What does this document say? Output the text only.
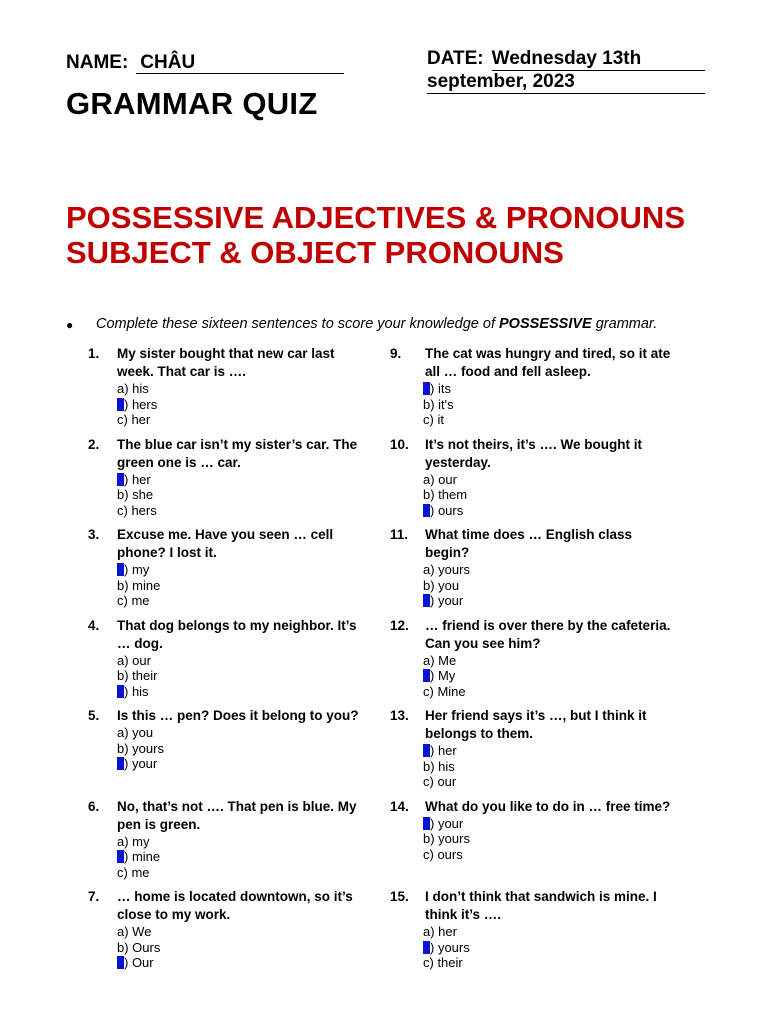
NAME: CHÂU	DATE: Wednesday 13th
september, 2023
GRAMMAR QUIZ
POSSESSIVE ADJECTIVES & PRONOUNS SUBJECT & OBJECT PRONOUNS
●	Complete these sixteen sentences to score your knowledge of POSSESSIVE grammar.
1.	My sister bought that new car last week. That car is ….
a) his
) hers
c) her
2.	The blue car isn’t my sister’s car. The green one is … car.
) her
b) she
c) hers
3.	Excuse me. Have you seen … cell phone? I lost it.
) my
b) mine
c) me
4.	That dog belongs to my neighbor. It’s … dog.
a) our
b) their
) his
5.	Is this … pen? Does it belong to you?
a) you
b) yours
) your
6.	No, that’s not …. That pen is blue. My pen is green.
a) my
) mine
c) me
7.	… home is located downtown, so it’s close to my work.
a) We
b) Ours
) Our
9.	The cat was hungry and tired, so it ate all … food and fell asleep.
) its
b) it's
c) it
10.	It’s not theirs, it’s …. We bought it yesterday.
a) our
b) them
) ours
11.	What time does … English class begin?
a) yours
b) you
) your
12.	… friend is over there by the cafeteria. Can you see him?
a) Me
) My
c) Mine
13.	Her friend says it’s …, but I think it belongs to them.
) her
b) his
c) our
14.	What do you like to do in … free time?
) your
b) yours
c) ours
15.	I don’t think that sandwich is mine. I think it’s ….
a) her
) yours
c) their
